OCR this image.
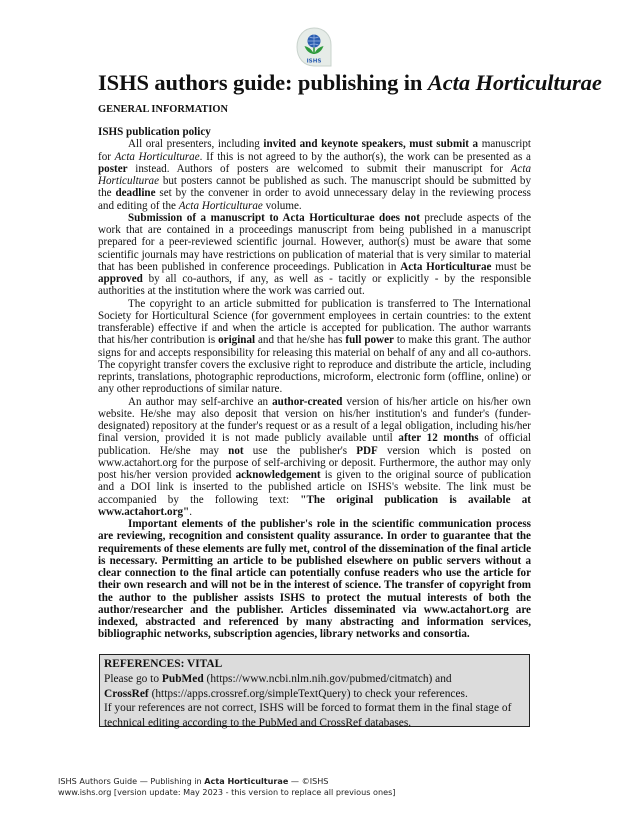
ISHS
ISHS authors guide: publishing in Acta Horticulturae
GENERAL INFORMATION

ISHS publication policy

All oral presenters, including invited and keynote speakers, must submit a manuscript for Acta Horticulturae. If this is not agreed to by the author(s), the work can be presented as a poster instead. Authors of posters are welcomed to submit their manuscript for Acta Horticulturae but posters cannot be published as such. The manuscript should be submitted by the deadline set by the convener in order to avoid unnecessary delay in the reviewing process and editing of the Acta Horticulturae volume.

Submission of a manuscript to Acta Horticulturae does not preclude aspects of the work that are contained in a proceedings manuscript from being published in a manuscript prepared for a peer-reviewed scientific journal. However, author(s) must be aware that some scientific journals may have restrictions on publication of material that is very similar to material that has been published in conference proceedings. Publication in Acta Horticulturae must be approved by all co-authors, if any, as well as - tacitly or explicitly - by the responsible authorities at the institution where the work was carried out.

The copyright to an article submitted for publication is transferred to The International Society for Horticultural Science (for government employees in certain countries: to the extent transferable) effective if and when the article is accepted for publication. The author warrants that his/her contribution is original and that he/she has full power to make this grant. The author signs for and accepts responsibility for releasing this material on behalf of any and all co-authors. The copyright transfer covers the exclusive right to reproduce and distribute the article, including reprints, translations, photographic reproductions, microform, electronic form (offline, online) or any other reproductions of similar nature.

An author may self-archive an author-created version of his/her article on his/her own website. He/she may also deposit that version on his/her institution's and funder's (funder-designated) repository at the funder's request or as a result of a legal obligation, including his/her final version, provided it is not made publicly available until after 12 months of official publication. He/she may not use the publisher's PDF version which is posted on www.actahort.org for the purpose of self-archiving or deposit. Furthermore, the author may only post his/her version provided acknowledgement is given to the original source of publication and a DOI link is inserted to the published article on ISHS's website. The link must be accompanied by the following text: "The original publication is available at www.actahort.org".

Important elements of the publisher's role in the scientific communication process are reviewing, recognition and consistent quality assurance. In order to guarantee that the requirements of these elements are fully met, control of the dissemination of the final article is necessary. Permitting an article to be published elsewhere on public servers without a clear connection to the final article can potentially confuse readers who use the article for their own research and will not be in the interest of science. The transfer of copyright from the author to the publisher assists ISHS to protect the mutual interests of both the author/researcher and the publisher. Articles disseminated via www.actahort.org are indexed, abstracted and referenced by many abstracting and information services, bibliographic networks, subscription agencies, library networks and consortia.

REFERENCES: VITAL
Please go to PubMed (https://www.ncbi.nlm.nih.gov/pubmed/citmatch) and
CrossRef (https://apps.crossref.org/simpleTextQuery) to check your references.
If your references are not correct, ISHS will be forced to format them in the final stage of technical editing according to the PubMed and CrossRef databases.
ISHS Authors Guide — Publishing in Acta Horticulturae — ©ISHS
www.ishs.org [version update: May 2023 - this version to replace all previous ones]
